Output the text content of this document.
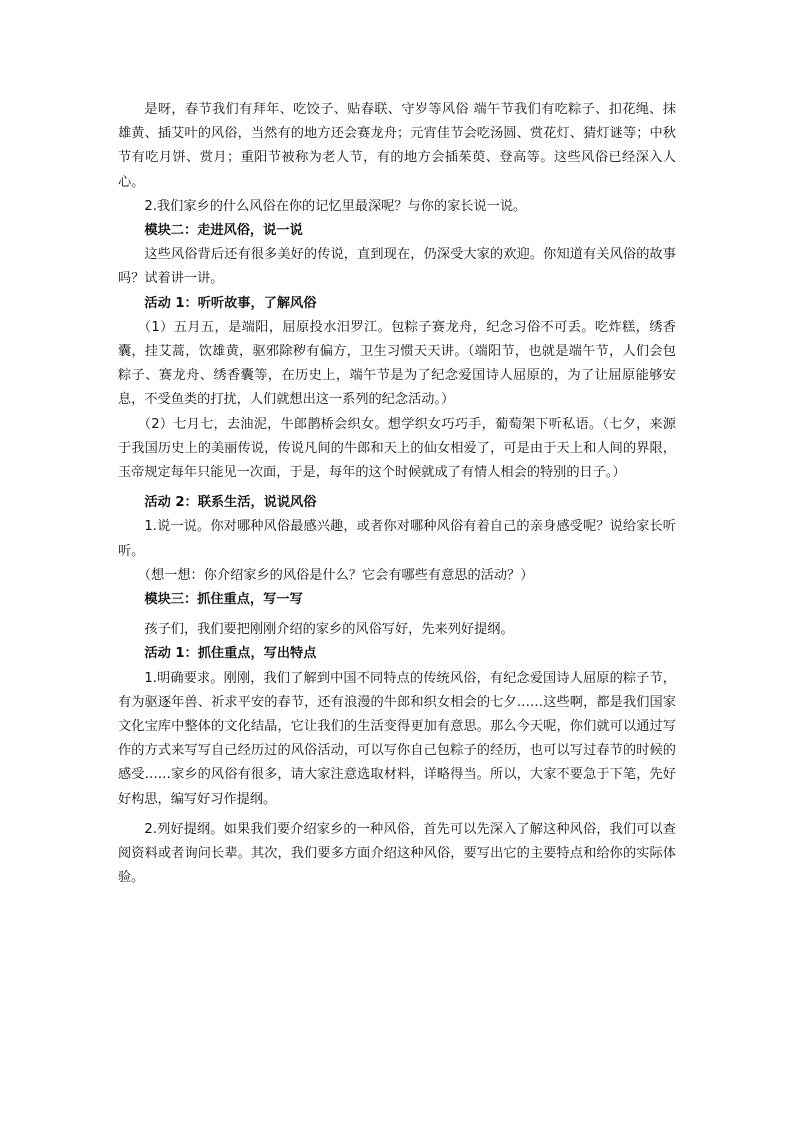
是呀，春节我们有拜年、吃饺子、贴春联、守岁等风俗 端午节我们有吃粽子、扣花绳、抹雄黄、插艾叶的风俗，当然有的地方还会赛龙舟；元宵佳节会吃汤圆、赏花灯、猜灯谜等；中秋节有吃月饼、赏月；重阳节被称为老人节，有的地方会插茱萸、登高等。这些风俗已经深入人心。

2.我们家乡的什么风俗在你的记忆里最深呢？与你的家长说一说。

模块二：走进风俗，说一说

这些风俗背后还有很多美好的传说，直到现在，仍深受大家的欢迎。你知道有关风俗的故事吗？试着讲一讲。

活动 1：听听故事，了解风俗

（1）五月五，是端阳，屈原投水汨罗江。包粽子赛龙舟，纪念习俗不可丢。吃炸糕，绣香囊，挂艾蒿，饮雄黄，驱邪除秽有偏方，卫生习惯天天讲。（端阳节，也就是端午节，人们会包粽子、赛龙舟、绣香囊等，在历史上，端午节是为了纪念爱国诗人屈原的，为了让屈原能够安息，不受鱼类的打扰，人们就想出这一系列的纪念活动。）

（2）七月七，去油泥，牛郎鹊桥会织女。想学织女巧巧手，葡萄架下听私语。（七夕，来源于我国历史上的美丽传说，传说凡间的牛郎和天上的仙女相爱了，可是由于天上和人间的界限，玉帝规定每年只能见一次面，于是，每年的这个时候就成了有情人相会的特别的日子。）

活动 2：联系生活，说说风俗

1.说一说。你对哪种风俗最感兴趣，或者你对哪种风俗有着自己的亲身感受呢？说给家长听听。

（想一想：你介绍家乡的风俗是什么？它会有哪些有意思的活动？）

模块三：抓住重点，写一写

孩子们，我们要把刚刚介绍的家乡的风俗写好，先来列好提纲。

活动 1：抓住重点，写出特点

1.明确要求。刚刚，我们了解到中国不同特点的传统风俗，有纪念爱国诗人屈原的粽子节，有为驱逐年兽、祈求平安的春节，还有浪漫的牛郎和织女相会的七夕……这些啊，都是我们国家文化宝库中整体的文化结晶，它让我们的生活变得更加有意思。那么今天呢，你们就可以通过写作的方式来写写自己经历过的风俗活动，可以写你自己包粽子的经历，也可以写过春节的时候的感受……家乡的风俗有很多，请大家注意选取材料，详略得当。所以，大家不要急于下笔，先好好构思，编写好习作提纲。

2.列好提纲。如果我们要介绍家乡的一种风俗，首先可以先深入了解这种风俗，我们可以查阅资料或者询问长辈。其次，我们要多方面介绍这种风俗，要写出它的主要特点和给你的实际体验。
